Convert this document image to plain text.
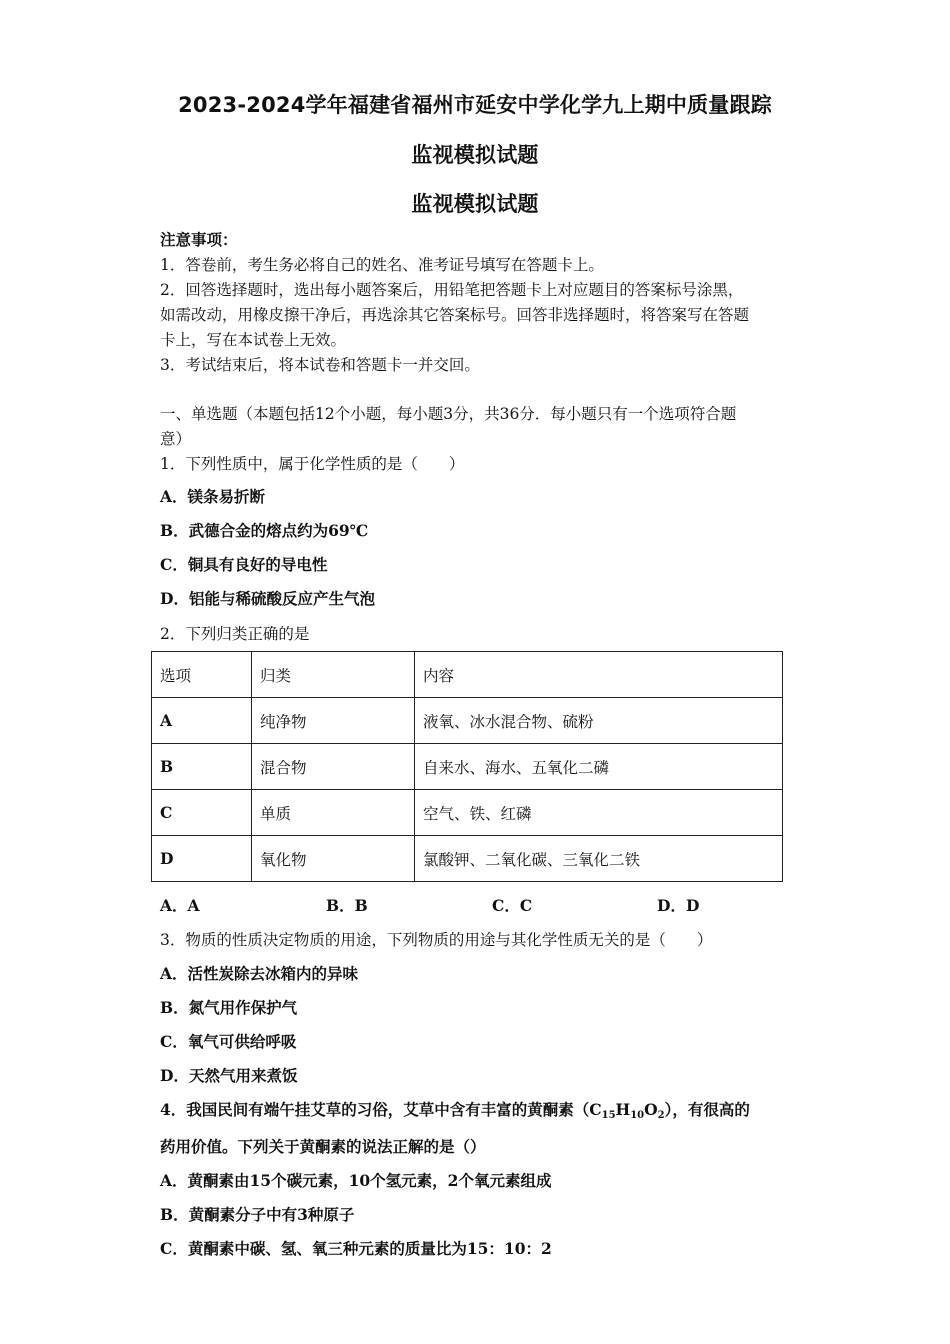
2023-2024学年福建省福州市延安中学化学九上期中质量跟踪
监视模拟试题
监视模拟试题
注意事项：
1．答卷前，考生务必将自己的姓名、准考证号填写在答题卡上。
2．回答选择题时，选出每小题答案后，用铅笔把答题卡上对应题目的答案标号涂黑，
如需改动，用橡皮擦干净后，再选涂其它答案标号。回答非选择题时，将答案写在答题
卡上，写在本试卷上无效。
3．考试结束后，将本试卷和答题卡一并交回。
一、单选题（本题包括12个小题，每小题3分，共36分．每小题只有一个选项符合题
意）
1．下列性质中，属于化学性质的是（　　）
A．镁条易折断
B．武德合金的熔点约为69℃
C．铜具有良好的导电性
D．铝能与稀硫酸反应产生气泡
2．下列归类正确的是
选项	归类	内容
A	纯净物	液氧、冰水混合物、硫粉
B	混合物	自来水、海水、五氧化二磷
C	单质	空气、铁、红磷
D	氧化物	氯酸钾、二氧化碳、三氧化二铁
A．A	B．B	C．C	D．D
3．物质的性质决定物质的用途，下列物质的用途与其化学性质无关的是（　　）
A．活性炭除去冰箱内的异味
B．氮气用作保护气
C．氧气可供给呼吸
D．天然气用来煮饭
4．我国民间有端午挂艾草的习俗，艾草中含有丰富的黄酮素$(C_{15}H_{10}O_2)$，有很高的
药用价值。下列关于黄酮素的说法正解的是（）
A．黄酮素由15个碳元素，10个氢元素，2个氧元素组成
B．黄酮素分子中有3种原子
C．黄酮素中碳、氢、氧三种元素的质量比为15：10：2
